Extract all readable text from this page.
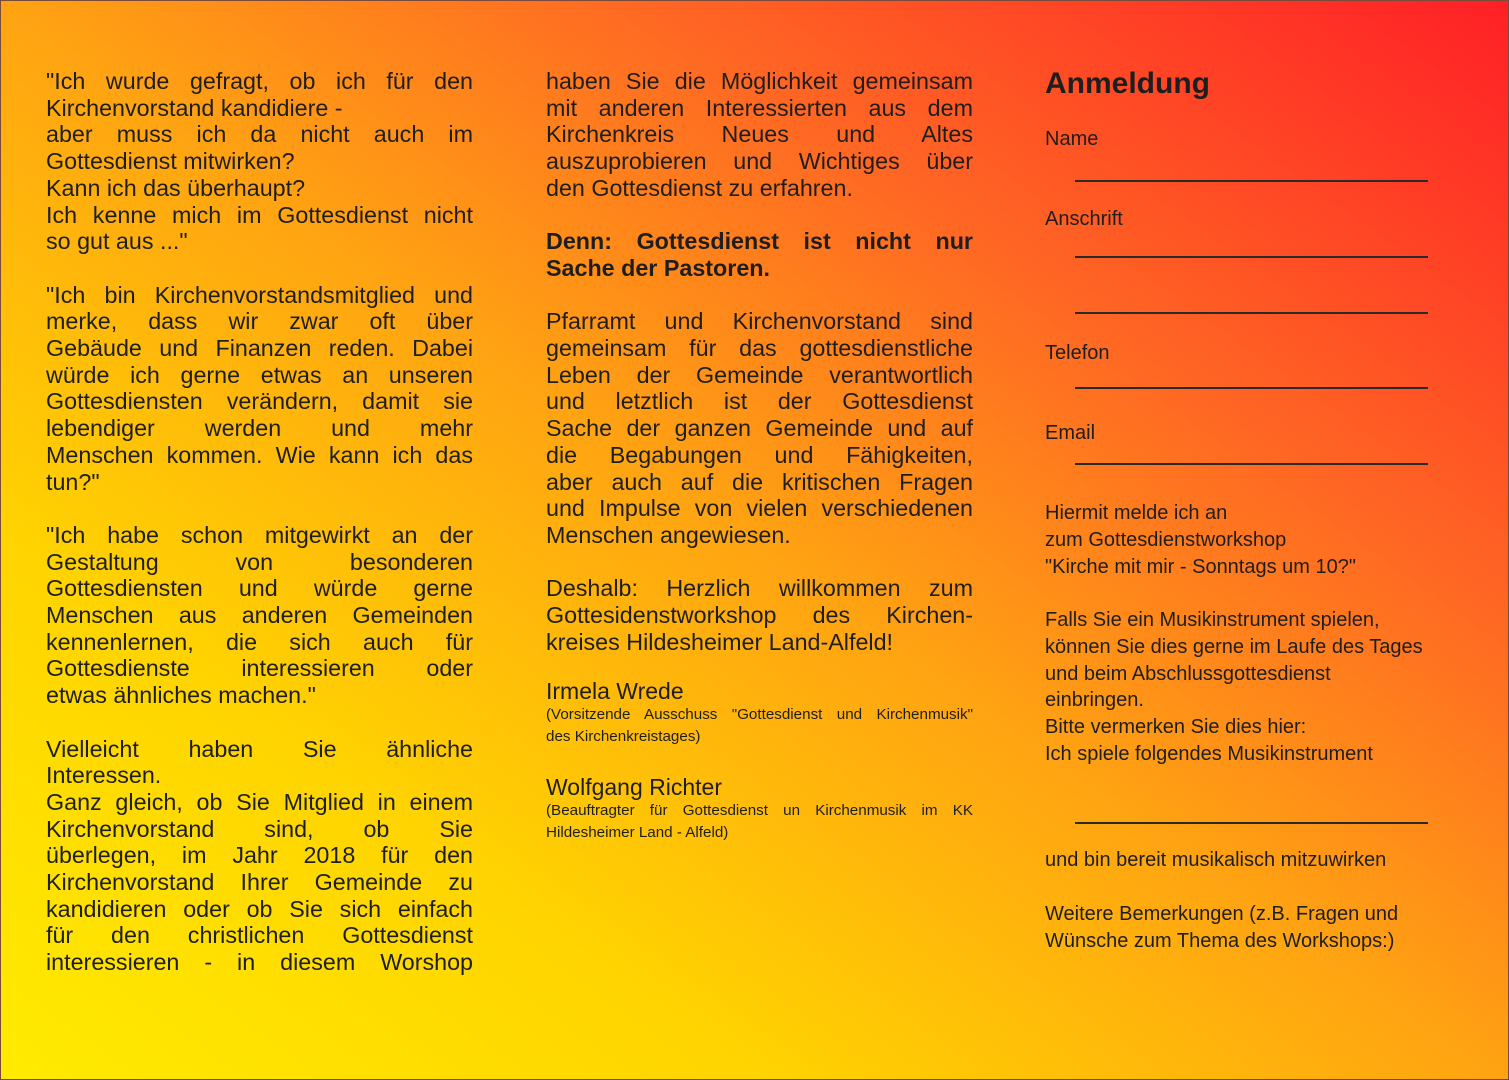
"Ich wurde gefragt, ob ich für den
Kirchenvorstand kandidiere -
aber muss ich da nicht auch im
Gottesdienst mitwirken?
Kann ich das überhaupt?
Ich kenne mich im Gottesdienst nicht
so gut aus ..."

"Ich bin Kirchenvorstandsmitglied und
merke, dass wir zwar oft über
Gebäude und Finanzen reden. Dabei
würde ich gerne etwas an unseren
Gottesdiensten verändern, damit sie
lebendiger werden und mehr
Menschen kommen. Wie kann ich das
tun?"

"Ich habe schon mitgewirkt an der
Gestaltung von besonderen
Gottesdiensten und würde gerne
Menschen aus anderen Gemeinden
kennenlernen, die sich auch für
Gottesdienste interessieren oder
etwas ähnliches machen."

Vielleicht haben Sie ähnliche
Interessen.
Ganz gleich, ob Sie Mitglied in einem
Kirchenvorstand sind, ob Sie
überlegen, im Jahr 2018 für den
Kirchenvorstand Ihrer Gemeinde zu
kandidieren oder ob Sie sich einfach
für den christlichen Gottesdienst
interessieren - in diesem Worshop

haben Sie die Möglichkeit gemeinsam
mit anderen Interessierten aus dem
Kirchenkreis Neues und Altes
auszuprobieren und Wichtiges über
den Gottesdienst zu erfahren.

Denn: Gottesdienst ist nicht nur
Sache der Pastoren.

Pfarramt und Kirchenvorstand sind
gemeinsam für das gottesdienstliche
Leben der Gemeinde verantwortlich
und letztlich ist der Gottesdienst
Sache der ganzen Gemeinde und auf
die Begabungen und Fähigkeiten,
aber auch auf die kritischen Fragen
und Impulse von vielen verschiedenen
Menschen angewiesen.

Deshalb: Herzlich willkommen zum
Gottesidenstworkshop des Kirchen-
kreises Hildesheimer Land-Alfeld!

Irmela Wrede

(Vorsitzende Ausschuss "Gottesdienst und Kirchenmusik"
des Kirchenkreistages)

Wolfgang Richter

(Beauftragter für Gottesdienst un Kirchenmusik im KK
Hildesheimer Land - Alfeld)

Anmeldung
Name
Anschrift
Telefon
Email
Hiermit melde ich an
zum Gottesdienstworkshop
"Kirche mit mir - Sonntags um 10?"
Falls Sie ein Musikinstrument spielen,
können Sie dies gerne im Laufe des Tages
und beim Abschlussgottesdienst
einbringen.
Bitte vermerken Sie dies hier:
Ich spiele folgendes Musikinstrument
und bin bereit musikalisch mitzuwirken
Weitere Bemerkungen (z.B. Fragen und
Wünsche zum Thema des Workshops:)
